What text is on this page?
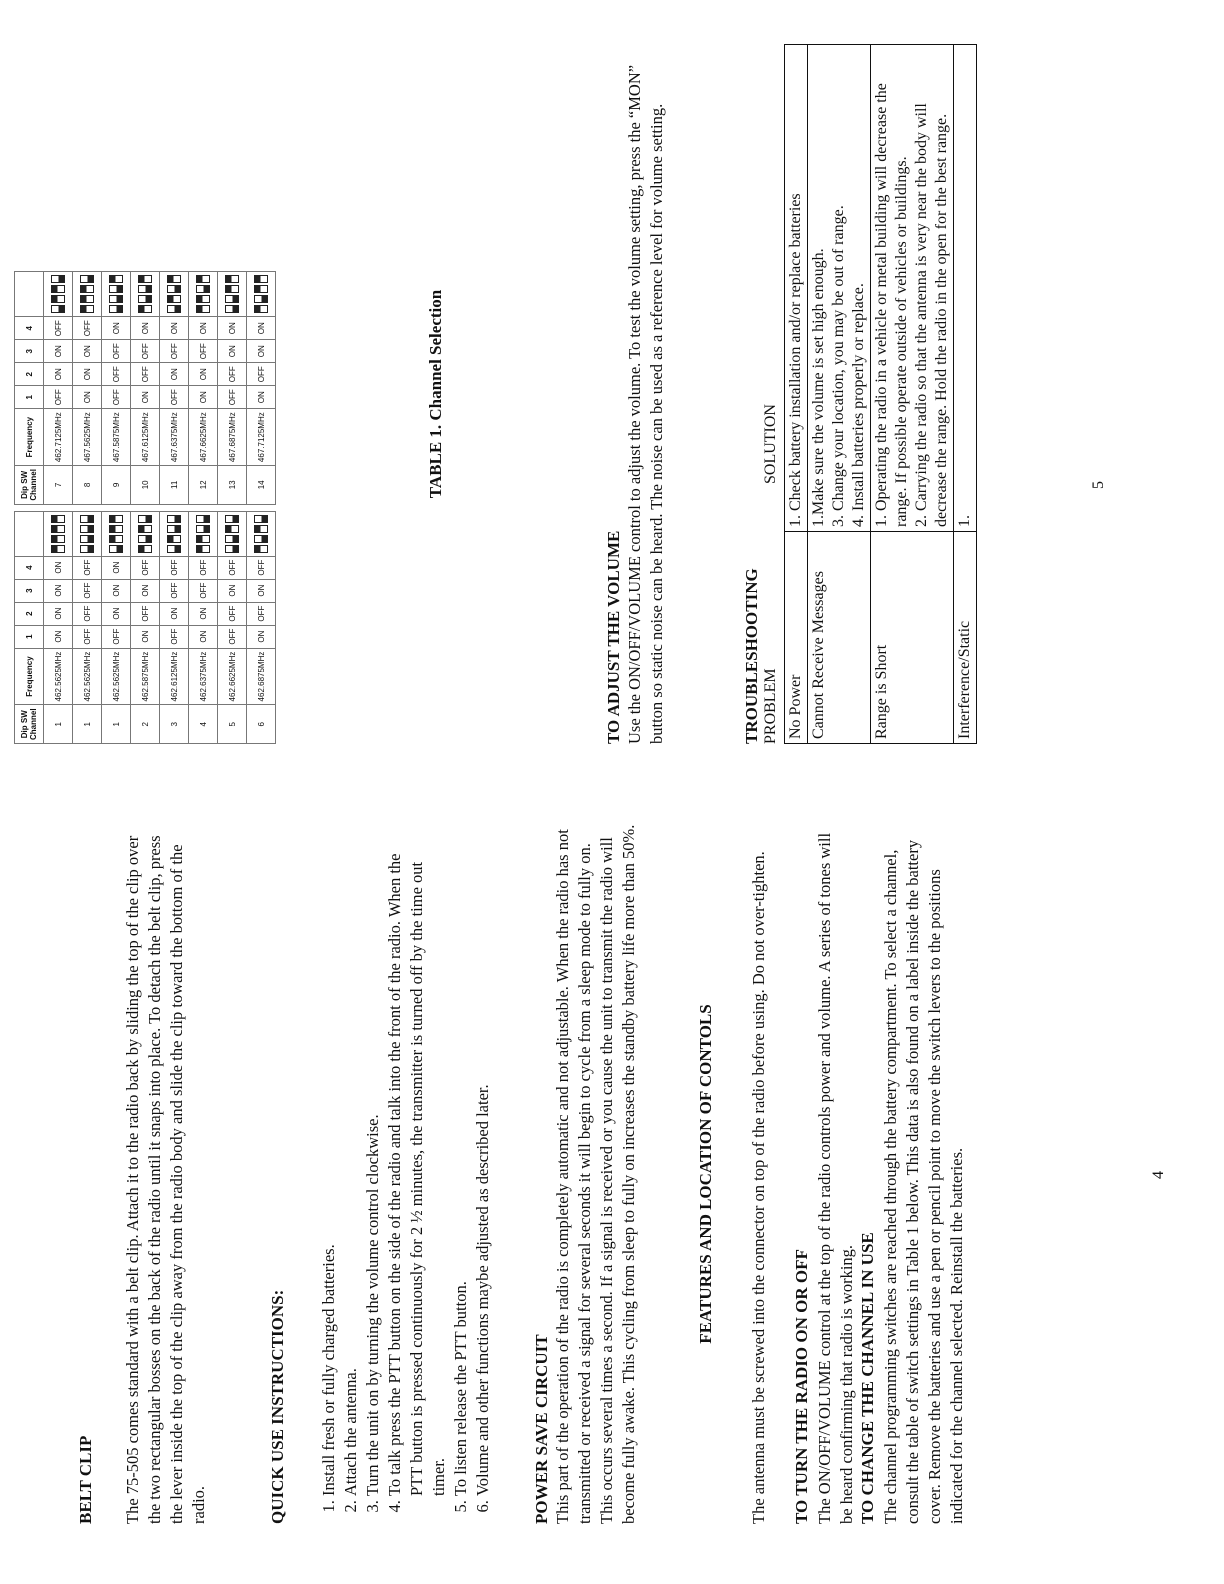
BELT CLIP The 75-505 comes standard with a belt clip. Attach it to the radio back by sliding the top of the clip over the two rectangular bosses on the back of the radio until it snaps into place. To detach the belt clip, press the lever inside the top of the clip away from the radio body and slide the clip toward the bottom of the radio.	QUICK USE INSTRUCTIONS: 1. Install fresh or fully charged batteries. 2. Attach the antenna. 3. Turn the unit on by turning the volume control clockwise. 4. To talk press the PTT button on the side of the radio and talk into the front of the radio. When the PTT button is pressed continuously for 2 ½ minutes, the transmitter is turned off by the time out timer. 5. To listen release the PTT button. 6. Volume and other functions maybe adjusted as described later. POWER SAVE CIRCUIT This part of the operation of the radio is completely automatic and not adjustable. When the radio has not transmitted or received a signal for several seconds it will begin to cycle from a sleep mode to fully on. This occurs several times a second. If a signal is received or you cause the unit to transmit the radio will become fully awake. This cycling from sleep to fully on increases the standby battery life more than 50%.	FEATURES AND LOCATION OF CONTOLS The antenna must be screwed into the connector on top of the radio before using. Do not over-tighten. TO TURN THE RADIO ON OR OFF The ON/OFF/VOLUME control at the top of the radio controls power and volume. A series of tones will be heard confirming that radio is working. TO CHANGE THE CHANNEL IN USE The channel programming switches are reached through the battery compartment. To select a channel, consult the table of switch settings in Table 1 below. This data is also found on a label inside the battery cover. Remove the batteries and use a pen or pencil point to move the switch levers to the positions indicated for the channel selected. Reinstall the batteries.	4
Dip SW
Channel	Frequency	1	2	3	4			Dip SW
Channel	Frequency	1	2	3	4	
1	462.5625MHz	ON	ON	ON	ON			7	462.7125MHz	OFF	ON	ON	OFF	

1	462.5625MHz	OFF	OFF	OFF	OFF			8	467.5625MHz	ON	ON	ON	OFF	

1	462.5625MHz	OFF	ON	ON	ON			9	467.5875MHz	OFF	OFF	OFF	ON	

2	462.5875MHz	ON	OFF	ON	OFF			10	467.6125MHz	ON	OFF	OFF	ON	

3	462.6125MHz	OFF	ON	OFF	OFF			11	467.6375MHz	OFF	ON	OFF	ON	

4	462.6375MHz	ON	ON	OFF	OFF			12	467.6625MHz	ON	ON	OFF	ON	

5	462.6625MHz	OFF	OFF	ON	OFF			13	467.6875MHz	OFF	OFF	ON	ON	

6	462.6875MHz	ON	OFF	ON	OFF			14	467.7125MHz	ON	OFF	ON	ON		TABLE 1. Channel Selection
TO ADJUST THE VOLUME Use the ON/OFF/VOLUME control to adjust the volume. To test the volume setting, press the “MON” button so static noise can be heard. The noise can be used as a reference level for volume setting.	TROUBLESHOOTING PROBLEM
SOLUTION
No Power	1. Check battery installation and/or replace batteries

Cannot Receive Messages	1.Make sure the volume is set high enough. 3. Change your location, you may be out of range. 4. Install batteries properly or replace.

Range is Short	1. Operating the radio in a vehicle or metal building will decrease the range. If possible operate outside of vehicles or buildings. 2. Carrying the radio so that the antenna is very near the body will decrease the range. Hold the radio in the open for the best range.

Interference/Static	1.
5
